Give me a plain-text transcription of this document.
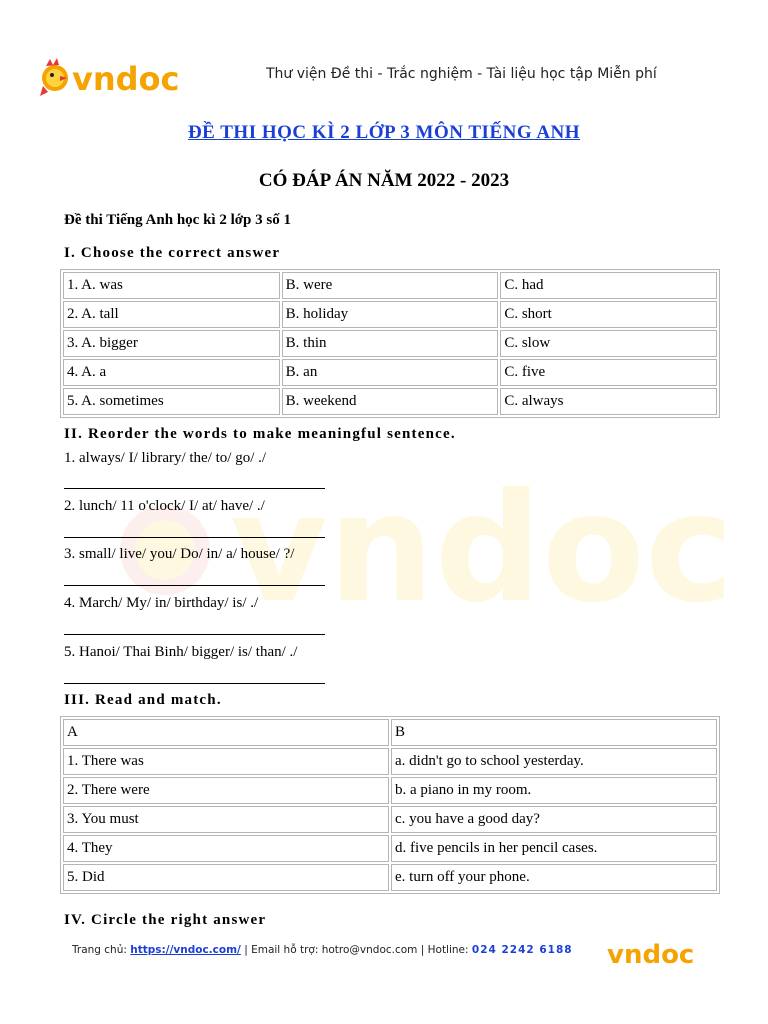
vndoc	Thư viện Đề thi - Trắc nghiệm - Tài liệu học tập Miễn phí
ĐỀ THI HỌC KÌ 2 LỚP 3 MÔN TIẾNG ANH
CÓ ĐÁP ÁN NĂM 2022 - 2023
Đề thi Tiếng Anh học kì 2 lớp 3 số 1
vndoc
I. Choose the correct answer
1. A. was	B. were	C. had
2. A. tall	B. holiday	C. short
3. A. bigger	B. thin	C. slow
4. A. a	B. an	C. five
5. A. sometimes	B. weekend	C. always
II. Reorder the words to make meaningful sentence.
1. always/ I/ library/ the/ to/ go/ ./
2. lunch/ 11 o'clock/ I/ at/ have/ ./
3. small/ live/ you/ Do/ in/ a/ house/ ?/
4. March/ My/ in/ birthday/ is/ ./
5. Hanoi/ Thai Binh/ bigger/ is/ than/ ./
III. Read and match.
A	B
1. There was	a. didn't go to school yesterday.
2. There were	b. a piano in my room.
3. You must	c. you have a good day?
4. They	d. five pencils in her pencil cases.
5. Did	e. turn off your phone.
IV. Circle the right answer
Trang chủ: https://vndoc.com/ | Email hỗ trợ: hotro@vndoc.com | Hotline: 024 2242 6188 vndoc
